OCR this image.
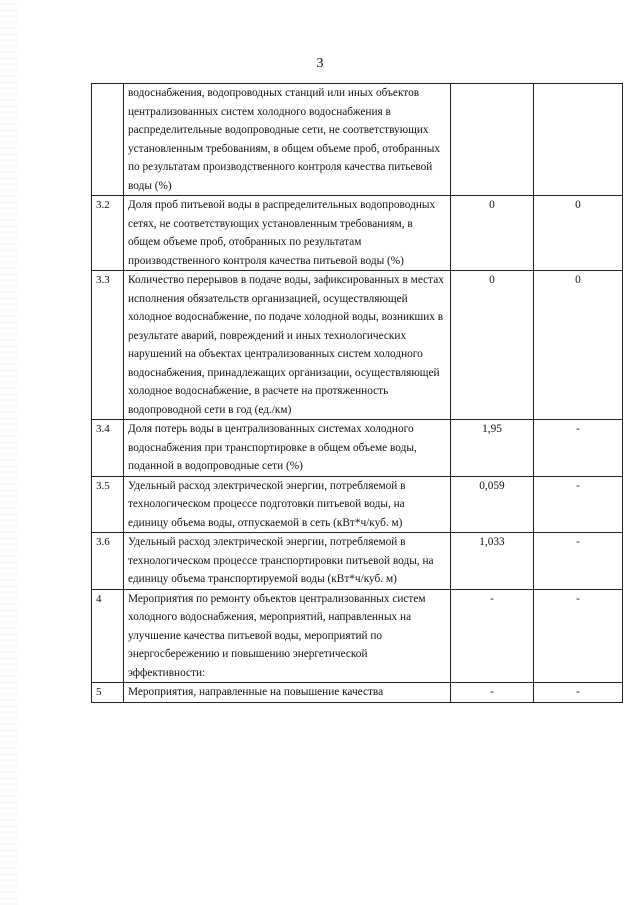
3
	водоснабжения, водопроводных станций или иных объектов централизованных систем холодного водоснабжения в распределительные водопроводные сети, не соответствующих установленным требованиям, в общем объеме проб, отобранных по результатам производственного контроля качества питьевой воды (%)		
3.2	Доля проб питьевой воды в распределительных водопроводных сетях, не соответствующих установленным требованиям, в общем объеме проб, отобранных по результатам производственного контроля качества питьевой воды (%)	0	0
3.3	Количество перерывов в подаче воды, зафиксированных в местах исполнения обязательств организацией, осуществляющей холодное водоснабжение, по подаче холодной воды, возникших в результате аварий, повреждений и иных технологических нарушений на объектах централизованных систем холодного водоснабжения, принадлежащих организации, осуществляющей холодное водоснабжение, в расчете на протяженность водопроводной сети в год (ед./км)	0	0
3.4	Доля потерь воды в централизованных системах холодного водоснабжения при транспортировке в общем объеме воды, поданной в водопроводные сети (%)	1,95	-
3.5	Удельный расход электрической энергии, потребляемой в технологическом процессе подготовки питьевой воды, на единицу объема воды, отпускаемой в сеть (кВт*ч/куб. м)	0,059	-
3.6	Удельный расход электрической энергии, потребляемой в технологическом процессе транспортировки питьевой воды, на единицу объема транспортируемой воды (кВт*ч/куб. м)	1,033	-
4	Мероприятия по ремонту объектов централизованных систем холодного водоснабжения, мероприятий, направленных на улучшение качества питьевой воды, мероприятий по энергосбережению и повышению энергетической эффективности:	-	-
5	Мероприятия, направленные на повышение качества	-	-
